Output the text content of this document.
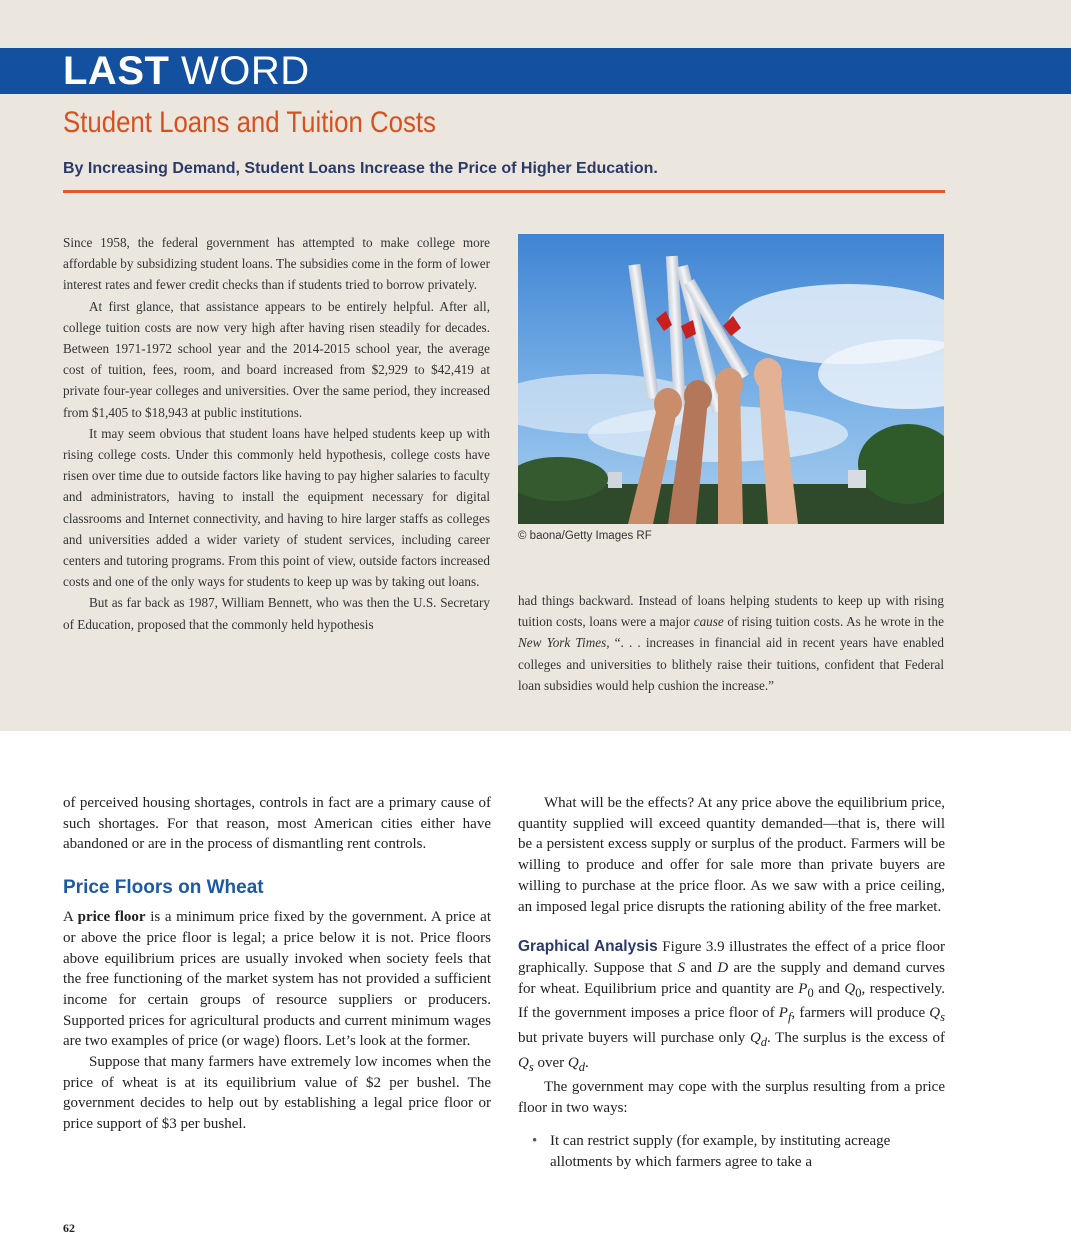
LAST WORD
Student Loans and Tuition Costs
By Increasing Demand, Student Loans Increase the Price of Higher Education.

Since 1958, the federal government has attempted to make college more affordable by subsidizing student loans. The subsidies come in the form of lower interest rates and fewer credit checks than if students tried to borrow privately.

At first glance, that assistance appears to be entirely helpful. After all, college tuition costs are now very high after having risen steadily for decades. Between 1971-1972 school year and the 2014-2015 school year, the average cost of tuition, fees, room, and board increased from $2,929 to $42,419 at private four-year colleges and universities. Over the same period, they increased from $1,405 to $18,943 at public institutions.

It may seem obvious that student loans have helped students keep up with rising college costs. Under this commonly held hypothesis, college costs have risen over time due to outside factors like having to pay higher salaries to faculty and administrators, having to install the equipment necessary for digital classrooms and Internet connectivity, and having to hire larger staffs as colleges and universities added a wider variety of student services, including career centers and tutoring programs. From this point of view, outside factors increased costs and one of the only ways for students to keep up was by taking out loans.

But as far back as 1987, William Bennett, who was then the U.S. Secretary of Education, proposed that the commonly held hypothesis

© baona/Getty Images RF

had things backward. Instead of loans helping students to keep up with rising tuition costs, loans were a major cause of rising tuition costs. As he wrote in the New York Times, “. . . increases in financial aid in recent years have enabled colleges and universities to blithely raise their tuitions, confident that Federal loan subsidies would help cushion the increase.”

of perceived housing shortages, controls in fact are a primary cause of such shortages. For that reason, most American cities either have abandoned or are in the process of dismantling rent controls.

Price Floors on Wheat

A price floor is a minimum price fixed by the government. A price at or above the price floor is legal; a price below it is not. Price floors above equilibrium prices are usually invoked when society feels that the free functioning of the market system has not provided a sufficient income for certain groups of resource suppliers or producers. Supported prices for agricultural products and current minimum wages are two examples of price (or wage) floors. Let’s look at the former.

Suppose that many farmers have extremely low incomes when the price of wheat is at its equilibrium value of $2 per bushel. The government decides to help out by establishing a legal price floor or price support of $3 per bushel.

What will be the effects? At any price above the equilibrium price, quantity supplied will exceed quantity demanded—that is, there will be a persistent excess supply or surplus of the product. Farmers will be willing to produce and offer for sale more than private buyers are willing to purchase at the price floor. As we saw with a price ceiling, an imposed legal price disrupts the rationing ability of the free market.

Graphical Analysis Figure 3.9 illustrates the effect of a price floor graphically. Suppose that S and D are the supply and demand curves for wheat. Equilibrium price and quantity are $P_0$ and $Q_0$, respectively. If the government imposes a price floor of $P_f$, farmers will produce $Q_s$ but private buyers will purchase only $Q_d$. The surplus is the excess of $Q_s$ over $Q_d$.

The government may cope with the surplus resulting from a price floor in two ways:

• It can restrict supply (for example, by instituting acreage allotments by which farmers agree to take a
62
